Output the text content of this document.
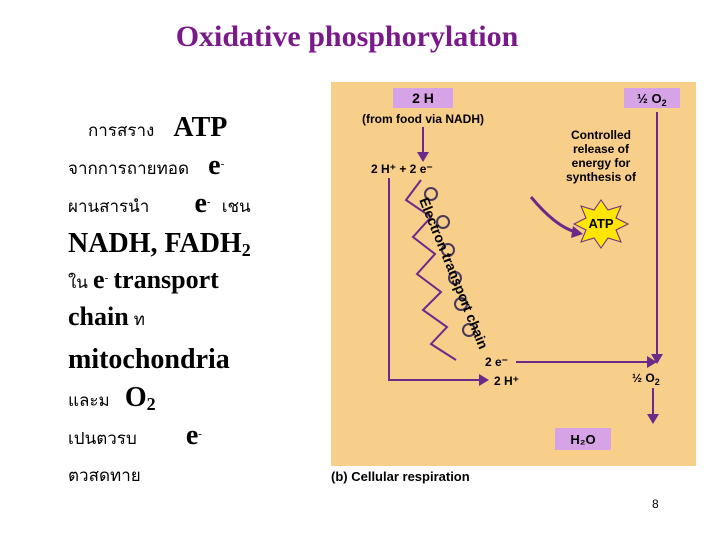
Oxidative phosphorylation
การสราง ATP
จากการถายทอด e-
ผานสารนำ e- เชน
NADH, $FADH_2$
ใน e- transport
chain ท
mitochondria
และม $O_2$
เปนตวรบ e-
ตวสดทาย
2 H
(from food via NADH)
½ $O_2$
Controlled
release of
energy for
synthesis of
2 H⁺ + 2 e⁻
Electron transport chain
2 e⁻
2 H⁺	½ $O_2$
H₂O
ATP
(b) Cellular respiration
8
